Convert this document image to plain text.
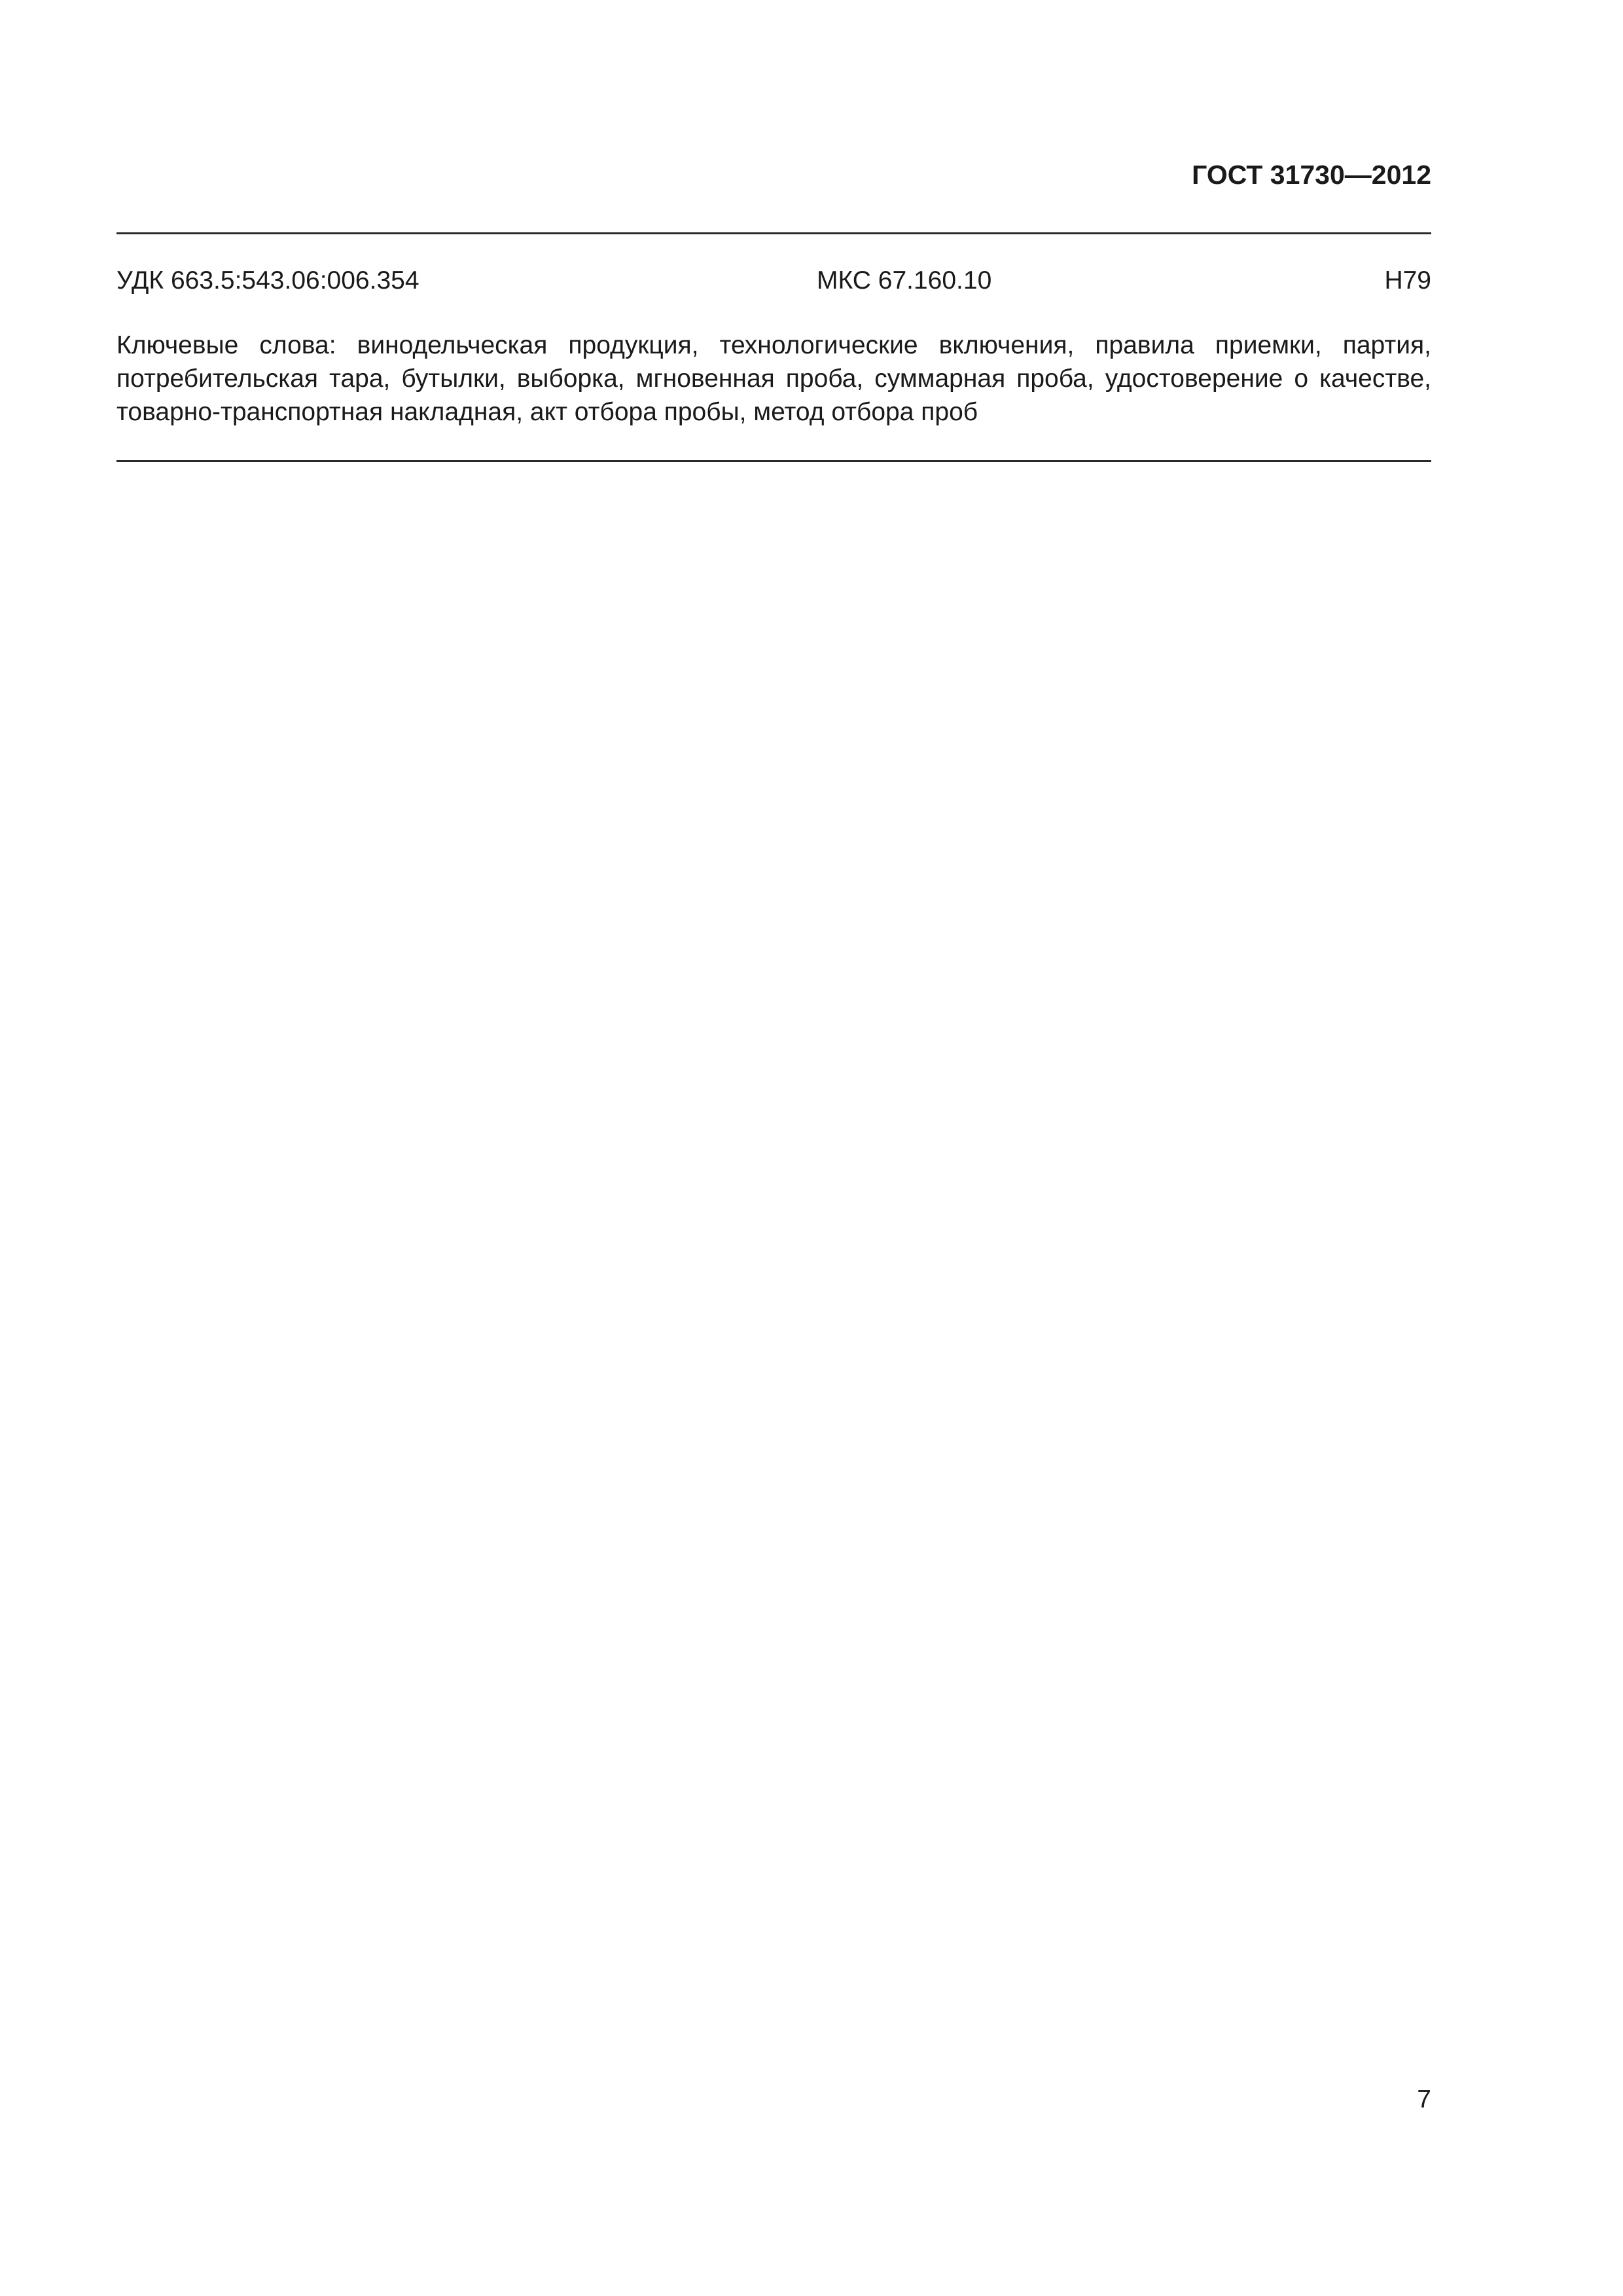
ГОСТ 31730—2012
УДК 663.5:543.06:006.354	МКС 67.160.10	Н79

Ключевые слова: винодельческая продукция, технологические включения, правила приемки, партия, потребительская тара, бутылки, выборка, мгновенная проба, суммарная проба, удостоверение о качестве, товарно-транспортная накладная, акт отбора пробы, метод отбора проб

7
